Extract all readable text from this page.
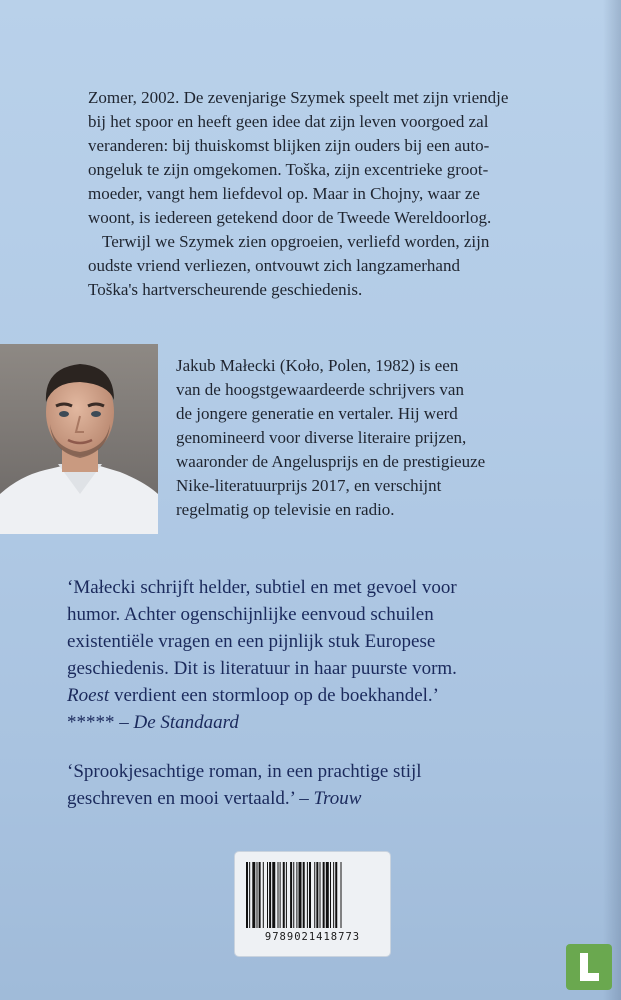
Zomer, 2002. De zevenjarige Szymek speelt met zijn vriendje
bij het spoor en heeft geen idee dat zijn leven voorgoed zal
veranderen: bij thuiskomst blijken zijn ouders bij een auto-
ongeluk te zijn omgekomen. Toška, zijn excentrieke groot-
moeder, vangt hem liefdevol op. Maar in Chojny, waar ze
woont, is iedereen getekend door de Tweede Wereldoorlog.

Terwijl we Szymek zien opgroeien, verliefd worden, zijn
oudste vriend verliezen, ontvouwt zich langzamerhand
Toška's hartverscheurende geschiedenis.

Jakub Małecki (Koło, Polen, 1982) is een
van de hoogstgewaardeerde schrijvers van
de jongere generatie en vertaler. Hij werd
genomineerd voor diverse literaire prijzen,
waaronder de Angelusprijs en de prestigieuze
Nike-literatuurprijs 2017, en verschijnt
regelmatig op televisie en radio.
‘Małecki schrijft helder, subtiel en met gevoel voor
humor. Achter ogenschijnlijke eenvoud schuilen
existentiële vragen en een pijnlijk stuk Europese
geschiedenis. Dit is literatuur in haar puurste vorm.
Roest verdient een stormloop op de boekhandel.’
***** – De Standaard
‘Sprookjesachtige roman, in een prachtige stijl
geschreven en mooi vertaald.’ – Trouw
9789021418773
